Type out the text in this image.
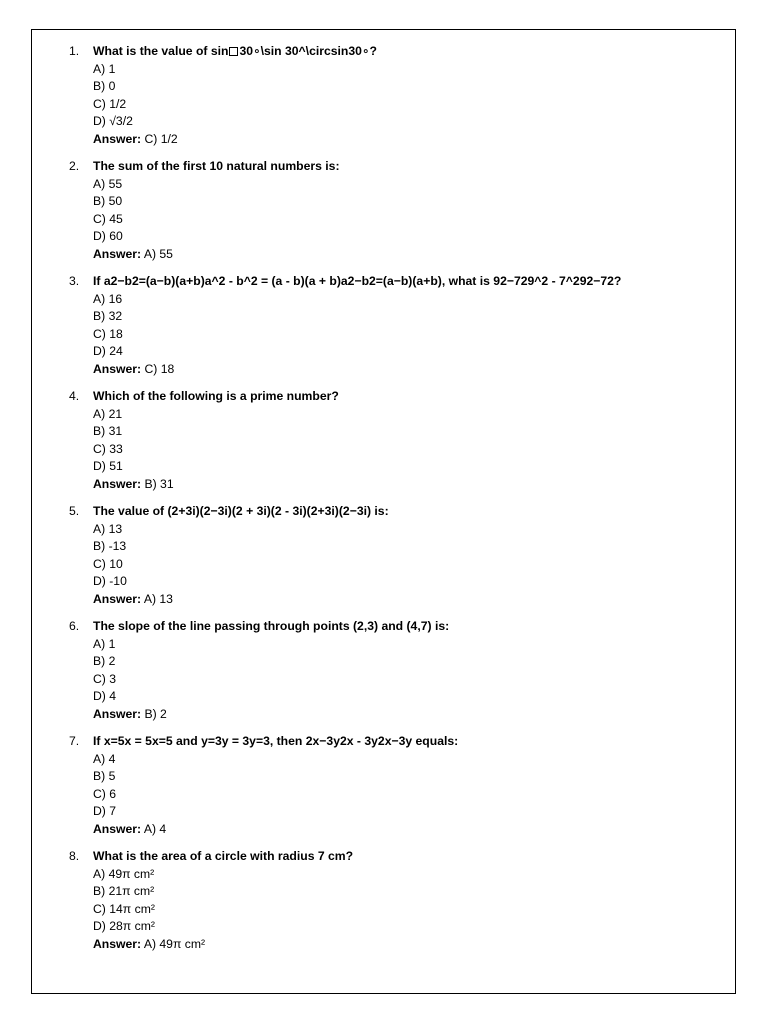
1.	What is the value of sin 30∘\sin 30^\circsin30∘?
A) 1
B) 0
C) 1/2
D) √3/2
Answer: C) 1/2
2.	The sum of the first 10 natural numbers is:
A) 55
B) 50
C) 45
D) 60
Answer: A) 55
3.	If a2−b2=(a−b)(a+b)a^2 - b^2 = (a - b)(a + b)a2−b2=(a−b)(a+b), what is 92−729^2 - 7^292−72?
A) 16
B) 32
C) 18
D) 24
Answer: C) 18
4.	Which of the following is a prime number?
A) 21
B) 31
C) 33
D) 51
Answer: B) 31
5.	The value of (2+3i)(2−3i)(2 + 3i)(2 - 3i)(2+3i)(2−3i) is:
A) 13
B) -13
C) 10
D) -10
Answer: A) 13
6.	The slope of the line passing through points (2,3) and (4,7) is:
A) 1
B) 2
C) 3
D) 4
Answer: B) 2
7.	If x=5x = 5x=5 and y=3y = 3y=3, then 2x−3y2x - 3y2x−3y equals:
A) 4
B) 5
C) 6
D) 7
Answer: A) 4
8.	What is the area of a circle with radius 7 cm?
A) 49π cm²
B) 21π cm²
C) 14π cm²
D) 28π cm²
Answer: A) 49π cm²
